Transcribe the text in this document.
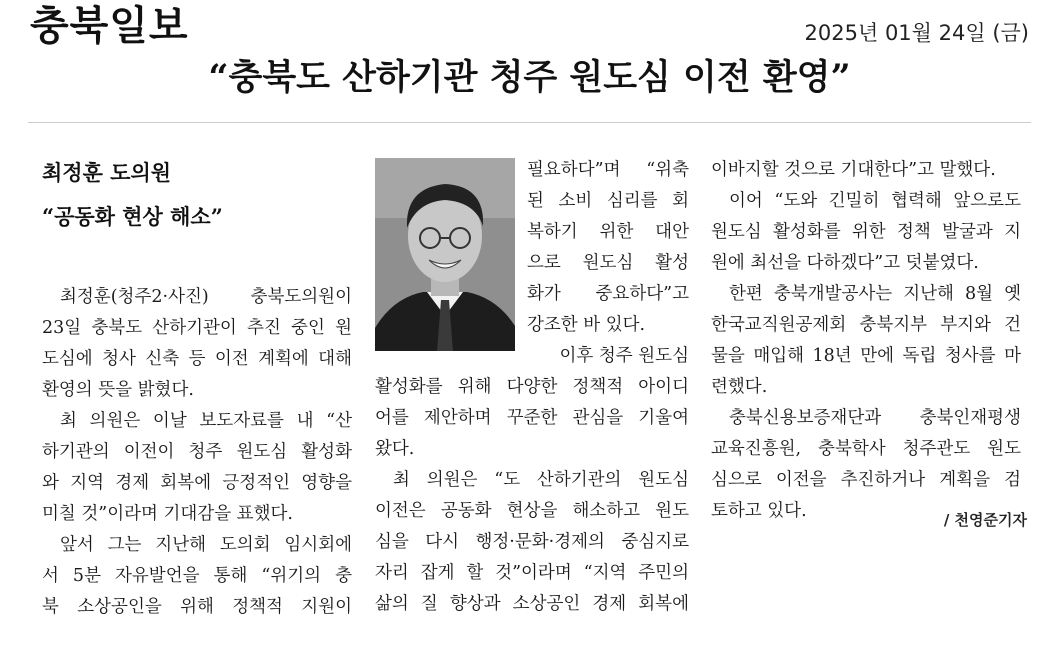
충북일보	2025년 01월 24일 (금)
“충북도 산하기관 청주 원도심 이전 환영”
최정훈 도의원
“공동화 현상 해소”
최정훈(청주2·사진) 충북도의원이
23일 충북도 산하기관이 추진 중인 원
도심에 청사 신축 등 이전 계획에 대해
환영의 뜻을 밝혔다.
최 의원은 이날 보도자료를 내 “산
하기관의 이전이 청주 원도심 활성화
와 지역 경제 회복에 긍정적인 영향을
미칠 것”이라며 기대감을 표했다.
앞서 그는 지난해 도의회 임시회에
서 5분 자유발언을 통해 “위기의 충
북 소상공인을 위해 정책적 지원이
필요하다”며 “위축
된 소비 심리를 회
복하기 위한 대안
으로 원도심 활성
화가 중요하다”고
강조한 바 있다.
이후 청주 원도심
활성화를 위해 다양한 정책적 아이디
어를 제안하며 꾸준한 관심을 기울여
왔다.
최 의원은 “도 산하기관의 원도심
이전은 공동화 현상을 해소하고 원도
심을 다시 행정·문화·경제의 중심지로
자리 잡게 할 것”이라며 “지역 주민의
삶의 질 향상과 소상공인 경제 회복에
이바지할 것으로 기대한다”고 말했다.
이어 “도와 긴밀히 협력해 앞으로도
원도심 활성화를 위한 정책 발굴과 지
원에 최선을 다하겠다”고 덧붙였다.
한편 충북개발공사는 지난해 8월 옛
한국교직원공제회 충북지부 부지와 건
물을 매입해 18년 만에 독립 청사를 마
련했다.
충북신용보증재단과 충북인재평생
교육진흥원, 충북학사 청주관도 원도
심으로 이전을 추진하거나 계획을 검
토하고 있다.	/ 천영준기자
